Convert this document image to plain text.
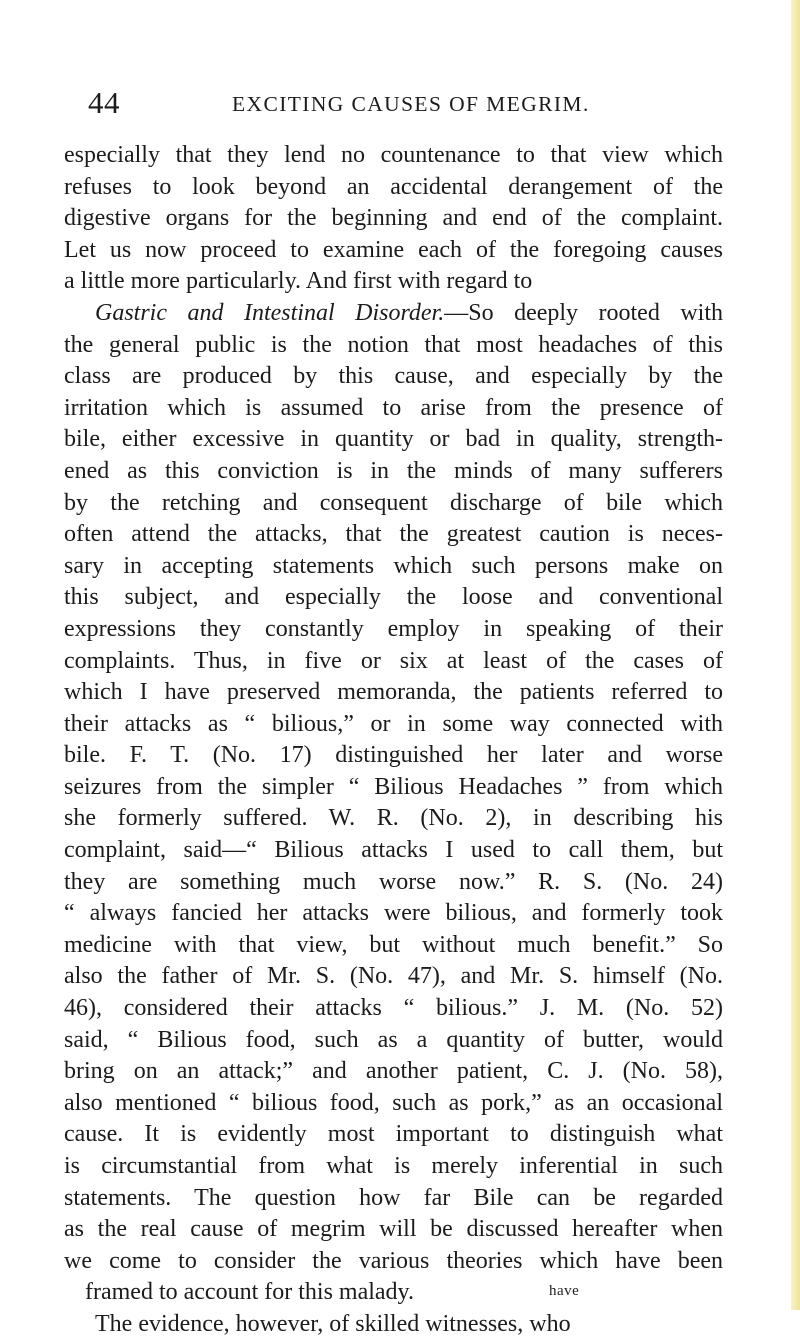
44	EXCITING CAUSES OF MEGRIM.
especially that they lend no countenance to that view which
refuses to look beyond an accidental derangement of the
digestive organs for the beginning and end of the complaint.
Let us now proceed to examine each of the foregoing causes
a little more particularly. And first with regard to
Gastric and Intestinal Disorder.—So deeply rooted with
the general public is the notion that most headaches of this
class are produced by this cause, and especially by the
irritation which is assumed to arise from the presence of
bile, either excessive in quantity or bad in quality, strength-
ened as this conviction is in the minds of many sufferers
by the retching and consequent discharge of bile which
often attend the attacks, that the greatest caution is neces-
sary in accepting statements which such persons make on
this subject, and especially the loose and conventional
expressions they constantly employ in speaking of their
complaints. Thus, in five or six at least of the cases of
which I have preserved memoranda, the patients referred to
their attacks as “ bilious,” or in some way connected with
bile. F. T. (No. 17) distinguished her later and worse
seizures from the simpler “ Bilious Headaches ” from which
she formerly suffered. W. R. (No. 2), in describing his
complaint, said—“ Bilious attacks I used to call them, but
they are something much worse now.” R. S. (No. 24)
“ always fancied her attacks were bilious, and formerly took
medicine with that view, but without much benefit.” So
also the father of Mr. S. (No. 47), and Mr. S. himself (No.
46), considered their attacks “ bilious.” J. M. (No. 52)
said, “ Bilious food, such as a quantity of butter, would
bring on an attack;” and another patient, C. J. (No. 58),
also mentioned “ bilious food, such as pork,” as an occasional
cause. It is evidently most important to distinguish what
is circumstantial from what is merely inferential in such
statements. The question how far Bile can be regarded
as the real cause of megrim will be discussed hereafter when
we come to consider the various theories which have been
framed to account for this malady.
The evidence, however, of skilled witnesses, who
have
